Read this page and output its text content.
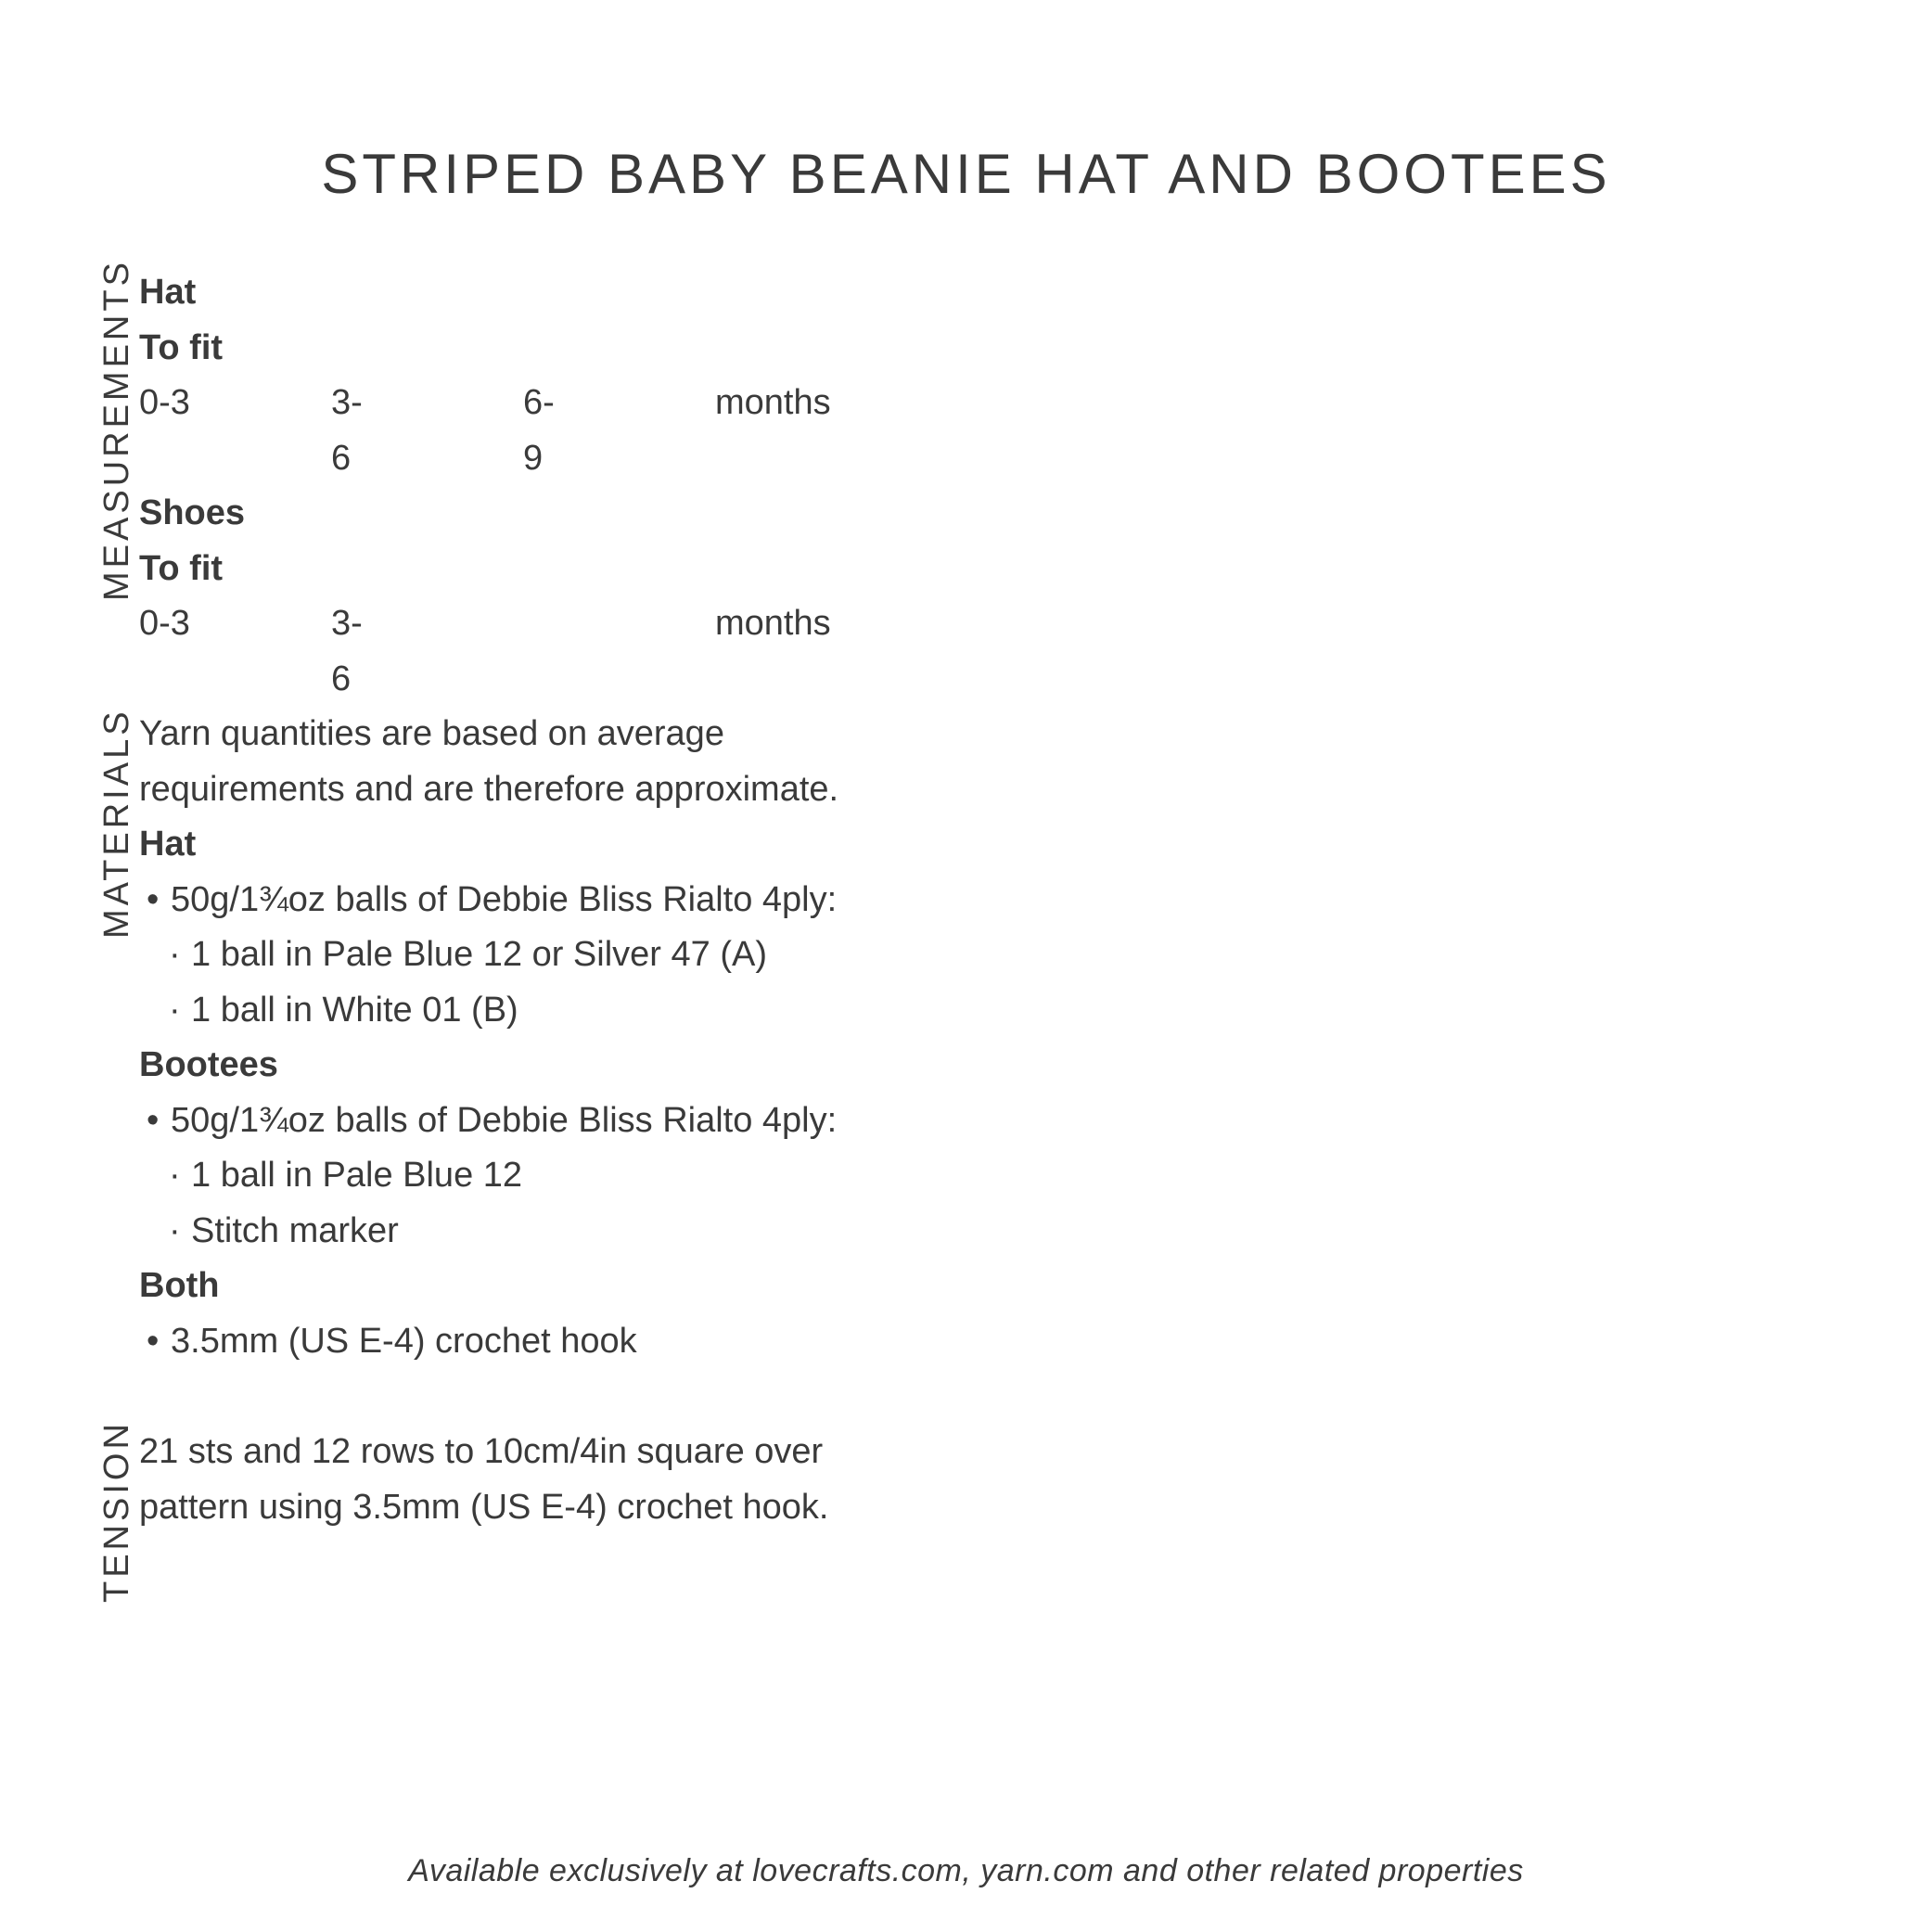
STRIPED BABY BEANIE HAT AND BOOTEES
MEASUREMENTS Hat
To fit
0-3	3-6
6-9
months
Shoes
To fit
0-3	3-6
months
MATERIALS Yarn quantities are based on average
requirements and are therefore approximate.
Hat
• 50g/1¾oz balls of Debbie Bliss Rialto 4ply:
· 1 ball in Pale Blue 12 or Silver 47 (A)
· 1 ball in White 01 (B)
Bootees
• 50g/1¾oz balls of Debbie Bliss Rialto 4ply:
· 1 ball in Pale Blue 12
· Stitch marker
Both
• 3.5mm (US E-4) crochet hook
TENSION 21 sts and 12 rows to 10cm/4in square over
pattern using 3.5mm (US E-4) crochet hook.
Available exclusively at lovecrafts.com, yarn.com and other related properties
